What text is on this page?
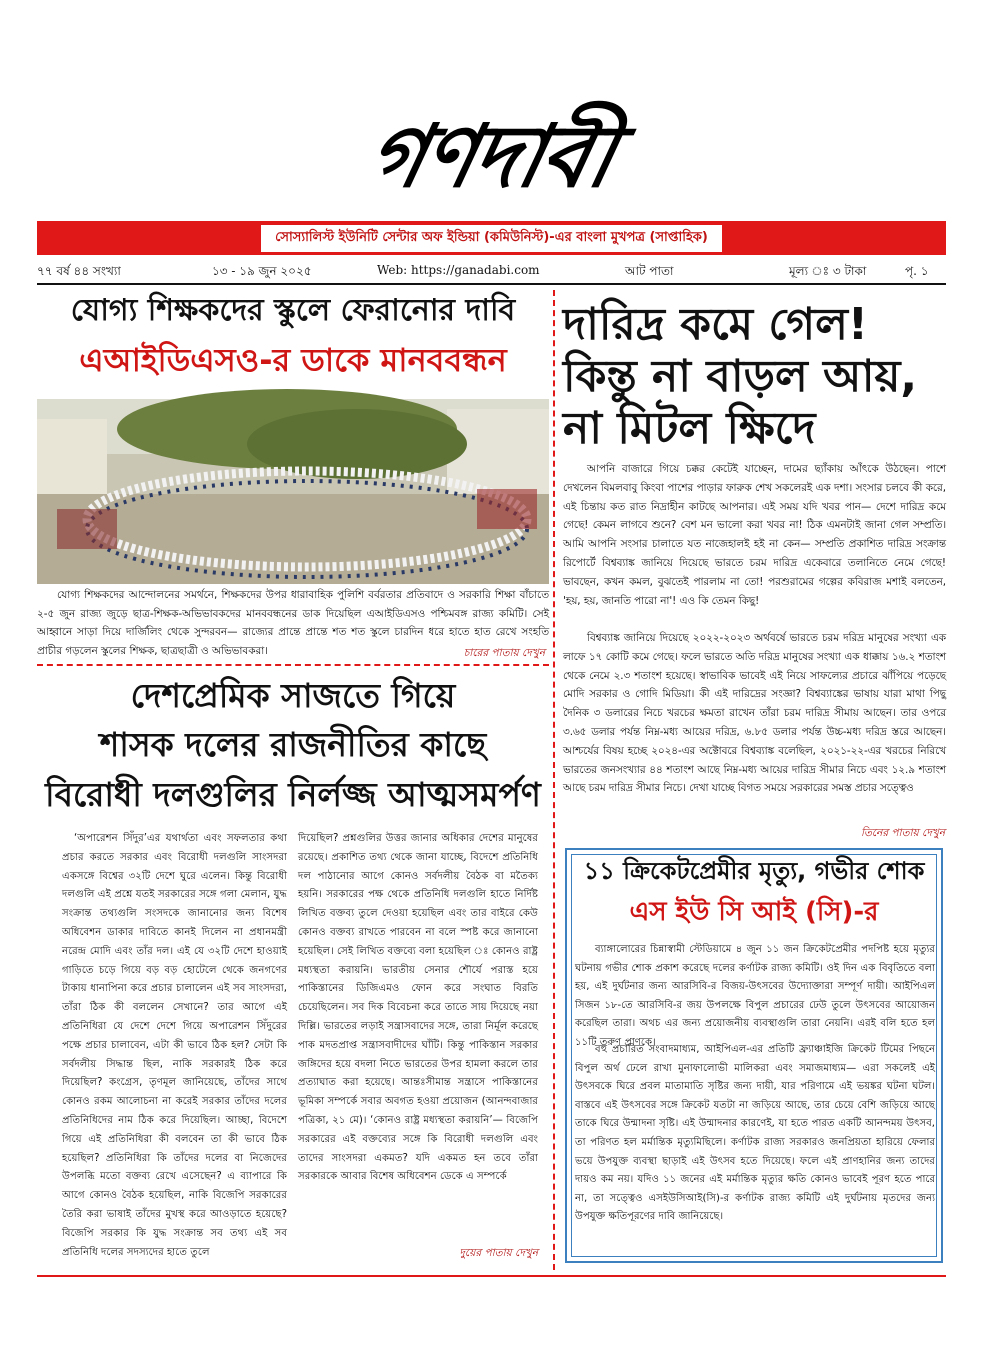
গণদাবী
সোস্যালিস্ট ইউনিটি সেন্টার অফ ইন্ডিয়া (কমিউনিস্ট)-এর বাংলা মুখপত্র (সাপ্তাহিক)
৭৭ বর্ষ ৪৪ সংখ্যা	১৩ - ১৯ জুন ২০২৫	Web: https://ganadabi.com	আট পাতা	মূল্য ঃ ৩ টাকা	পৃ. ১
যোগ্য শিক্ষকদের স্কুলে ফেরানোর দাবি
এআইডিএসও-র ডাকে মানববন্ধন
যোগ্য শিক্ষকদের আন্দোলনের সমর্থনে, শিক্ষকদের উপর ধারাবাহিক পুলিশি বর্বরতার প্রতিবাদে ও সরকারি শিক্ষা বাঁচাতে ২-৫ জুন রাজ্য জুড়ে ছাত্র-শিক্ষক-অভিভাবকদের মানববন্ধনের ডাক দিয়েছিল এআইডিএসও পশ্চিমবঙ্গ রাজ্য কমিটি। সেই আহ্বানে সাড়া দিয়ে দার্জিলিং থেকে সুন্দরবন— রাজ্যের প্রান্তে প্রান্তে শত শত স্কুলে চারদিন ধরে হাতে হাত রেখে সংহতি প্রাচীর গড়লেন স্কুলের শিক্ষক, ছাত্রছাত্রী ও অভিভাবকরা।	চারের পাতায় দেখুন
দেশপ্রেমিক সাজতে গিয়ে
শাসক দলের রাজনীতির কাছে
বিরোধী দলগুলির নির্লজ্জ আত্মসমর্পণ
‘অপারেশন সিঁদুর’এর যথার্থতা এবং সফলতার কথা প্রচার করতে সরকার এবং বিরোধী দলগুলি সাংসদরা একসঙ্গে বিশ্বের ৩২টি দেশে ঘুরে এলেন। কিন্তু বিরোধী দলগুলি এই প্রশ্নে যতই সরকারের সঙ্গে গলা মেলান, যুদ্ধ সংক্রান্ত তথ্যগুলি সংসদকে জানানোর জন্য বিশেষ অধিবেশন ডাকার দাবিতে কানই দিলেন না প্রধানমন্ত্রী নরেন্দ্র মোদি এবং তাঁর দল। এই যে ৩২টি দেশে হাওয়াই গাড়িতে চড়ে গিয়ে বড় বড় হোটেলে থেকে জনগণের টাকায় ধানাপিনা করে প্রচার চালালেন এই সব সাংসদরা, তাঁরা ঠিক কী বললেন সেখানে? তার আগে এই প্রতিনিধিরা যে দেশে দেশে গিয়ে অপারেশন সিঁদুরের পক্ষে প্রচার চালাবেন, এটা কী ভাবে ঠিক হল? সেটা কি সর্বদলীয় সিদ্ধান্ত ছিল, নাকি সরকারই ঠিক করে দিয়েছিল? কংগ্রেস, তৃণমূল জানিয়েছে, তাঁদের সাথে কোনও রকম আলোচনা না করেই সরকার তাঁদের দলের প্রতিনিধিদের নাম ঠিক করে দিয়েছিল। আচ্ছা, বিদেশে গিয়ে এই প্রতিনিধিরা কী বলবেন তা কী ভাবে ঠিক হয়েছিল? প্রতিনিধিরা কি তাঁদের দলের বা নিজেদের উপলব্ধি মতো বক্তব্য রেখে এসেছেন? এ ব্যাপারে কি আগে কোনও বৈঠক হয়েছিল, নাকি বিজেপি সরকারের তৈরি করা ভাষাই তাঁদের মুখস্থ করে আওড়াতে হয়েছে? বিজেপি সরকার কি যুদ্ধ সংক্রান্ত সব তথ্য এই সব প্রতিনিধি দলের সদস্যদের হাতে তুলে
দিয়েছিল? প্রশ্নগুলির উত্তর জানার অধিকার দেশের মানুষের রয়েছে। প্রকাশিত তথ্য থেকে জানা যাচ্ছে, বিদেশে প্রতিনিধি দল পাঠানোর আগে কোনও সর্বদলীয় বৈঠক বা মতৈক্য হয়নি। সরকারের পক্ষ থেকে প্রতিনিধি দলগুলি হাতে নির্দিষ্ট লিখিত বক্তব্য তুলে দেওয়া হয়েছিল এবং তার বাইরে কেউ কোনও বক্তব্য রাখতে পারবেন না বলে স্পষ্ট করে জানানো হয়েছিল। সেই লিখিত বক্তব্যে বলা হয়েছিল ঃ কোনও রাষ্ট্র মধ্যস্থতা করায়নি। ভারতীয় সেনার শৌর্যে পরাস্ত হয়ে পাকিস্তানের ডিজিএমও ফোন করে সংঘাত বিরতি চেয়েছিলেন। সব দিক বিবেচনা করে তাতে সায় দিয়েছে নয়া দিল্লি। ভারতের লড়াই সন্ত্রাসবাদের সঙ্গে, তারা নির্মূল করেছে পাক মদতপ্রাপ্ত সন্ত্রাসবাদীদের ঘাঁটি। কিন্তু পাকিস্তান সরকার জঙ্গিদের হয়ে বদলা নিতে ভারতের উপর হামলা করলে তার প্রত্যাঘাত করা হয়েছে। আন্তঃসীমান্ত সন্ত্রাসে পাকিস্তানের ভূমিকা সম্পর্কে সবার অবগত হওয়া প্রয়োজন (আনন্দবাজার পত্রিকা, ২১ মে)। ‘কোনও রাষ্ট্র মধ্যস্থতা করায়নি’— বিজেপি সরকারের এই বক্তব্যের সঙ্গে কি বিরোধী দলগুলি এবং তাদের সাংসদরা একমত? যদি একমত হন তবে তাঁরা সরকারকে আবার বিশেষ অধিবেশন ডেকে এ সম্পর্কে
দুয়ের পাতায় দেখুন
দারিদ্র কমে গেল!
কিন্তু না বাড়ল আয়,
না মিটল ক্ষিদে
আপনি বাজারে গিয়ে চক্কর কেটেই যাচ্ছেন, দামের ছ্যাঁকায় আঁৎকে উঠছেন। পাশে দেখলেন বিমলবাবু কিংবা পাশের পাড়ার ফারুক শেখ সকলেরই এক দশা। সংসার চলবে কী করে, এই চিন্তায় কত রাত নিদ্রাহীন কাটছে আপনার। এই সময় যদি খবর পান— দেশে দারিদ্র কমে গেছে! কেমন লাগবে শুনে? বেশ মন ভালো করা খবর না! ঠিক এমনটাই জানা গেল সম্প্রতি। আমি আপনি সংসার চালাতে যত নাজেহালই হই না কেন— সম্প্রতি প্রকাশিত দারিদ্র সংক্রান্ত রিপোর্টে বিশ্বব্যাঙ্ক জানিয়ে দিয়েছে ভারতে চরম দারিদ্র একেবারে তলানিতে নেমে গেছে! ভাবছেন, কখন কমল, বুঝতেই পারলাম না তো! পরশুরামের গল্পের কবিরাজ মশাই বলতেন, 'হয়, হয়, জানতি পারো না'! এও কি তেমন কিছু!
বিশ্বব্যাঙ্ক জানিয়ে দিয়েছে ২০২২-২০২৩ অর্থবর্ষে ভারতে চরম দরিদ্র মানুষের সংখ্যা এক লাফে ১৭ কোটি কমে গেছে। ফলে ভারতে অতি দরিদ্র মানুষের সংখ্যা এক ধাক্কায় ১৬.২ শতাংশ থেকে নেমে ২.৩ শতাংশ হয়েছে। স্বাভাবিক ভাবেই এই নিয়ে সাফল্যের প্রচারে ঝাঁপিয়ে পড়েছে মোদি সরকার ও গোদি মিডিয়া। কী এই দারিদ্রের সংজ্ঞা? বিশ্বব্যাঙ্কের ভাষায় যারা মাথা পিছু দৈনিক ৩ ডলারের নিচে খরচের ক্ষমতা রাখেন তাঁরা চরম দারিদ্র সীমায় আছেন। তার ওপরে ৩.৬৫ ডলার পর্যন্ত নিম্ন-মধ্য আয়ের দরিদ্র, ৬.৮৫ ডলার পর্যন্ত উচ্চ-মধ্য দরিদ্র স্তরে আছেন। আশ্চর্যের বিষয় হচ্ছে ২০২৪-এর অক্টোবরে বিশ্বব্যাঙ্ক বলেছিল, ২০২১-২২-এর খরচের নিরিখে ভারতের জনসংখ্যার ৪৪ শতাংশ আছে নিম্ন-মধ্য আয়ের দারিদ্র সীমার নিচে এবং ১২.৯ শতাংশ আছে চরম দারিদ্র সীমার নিচে। দেখা যাচ্ছে বিগত সময়ে সরকারের সমস্ত প্রচার সত্ত্বেও
তিনের পাতায় দেখুন
১১ ক্রিকেটপ্রেমীর মৃত্যু, গভীর শোক
এস ইউ সি আই (সি)-র
ব্যাঙ্গালোরের চিন্নাস্বামী স্টেডিয়ামে ৪ জুন ১১ জন ক্রিকেটপ্রেমীর পদপিষ্ট হয়ে মৃত্যুর ঘটনায় গভীর শোক প্রকাশ করেছে দলের কর্ণাটক রাজ্য কমিটি। ওই দিন এক বিবৃতিতে বলা হয়, এই দুর্ঘটনার জন্য আরসিবি-র বিজয়-উৎসবের উদ্যোক্তারা সম্পূর্ণ দায়ী। আইপিএল সিজন ১৮-তে আরসিবি-র জয় উপলক্ষে বিপুল প্রচারের ঢেউ তুলে উৎসবের আয়োজন করেছিল তারা। অথচ এর জন্য প্রয়োজনীয় ব্যবস্থাগুলি তারা নেয়নি। এরই বলি হতে হল ১১টি তরুণ প্রাণকে।
বহু প্রচারিত সংবাদমাধ্যম, আইপিএল-এর প্রতিটি ফ্র্যাঞ্চাইজি ক্রিকেট টিমের পিছনে বিপুল অর্থ ঢেলে রাখা মুনাফালোভী মালিকরা এবং সমাজমাধ্যম— এরা সকলেই এই উৎসবকে ঘিরে প্রবল মাতামাতি সৃষ্টির জন্য দায়ী, যার পরিণামে এই ভয়ঙ্কর ঘটনা ঘটল। বাস্তবে এই উৎসবের সঙ্গে ক্রিকেট যতটা না জড়িয়ে আছে, তার চেয়ে বেশি জড়িয়ে আছে তাকে ঘিরে উন্মাদনা সৃষ্টি। এই উন্মাদনার কারণেই, যা হতে পারত একটি আনন্দময় উৎসব, তা পরিণত হল মর্মান্তিক মৃত্যুমিছিলে। কর্ণাটক রাজ্য সরকারও জনপ্রিয়তা হারিয়ে ফেলার ভয়ে উপযুক্ত ব্যবস্থা ছাড়াই এই উৎসব হতে দিয়েছে। ফলে এই প্রাণহানির জন্য তাদের দায়ও কম নয়। যদিও ১১ জনের এই মর্মান্তিক মৃত্যুর ক্ষতি কোনও ভাবেই পূরণ হতে পারে না, তা সত্ত্বেও এসইউসিআই(সি)-র কর্ণাটক রাজ্য কমিটি এই দুর্ঘটনায় মৃতদের জন্য উপযুক্ত ক্ষতিপূরণের দাবি জানিয়েছে।
